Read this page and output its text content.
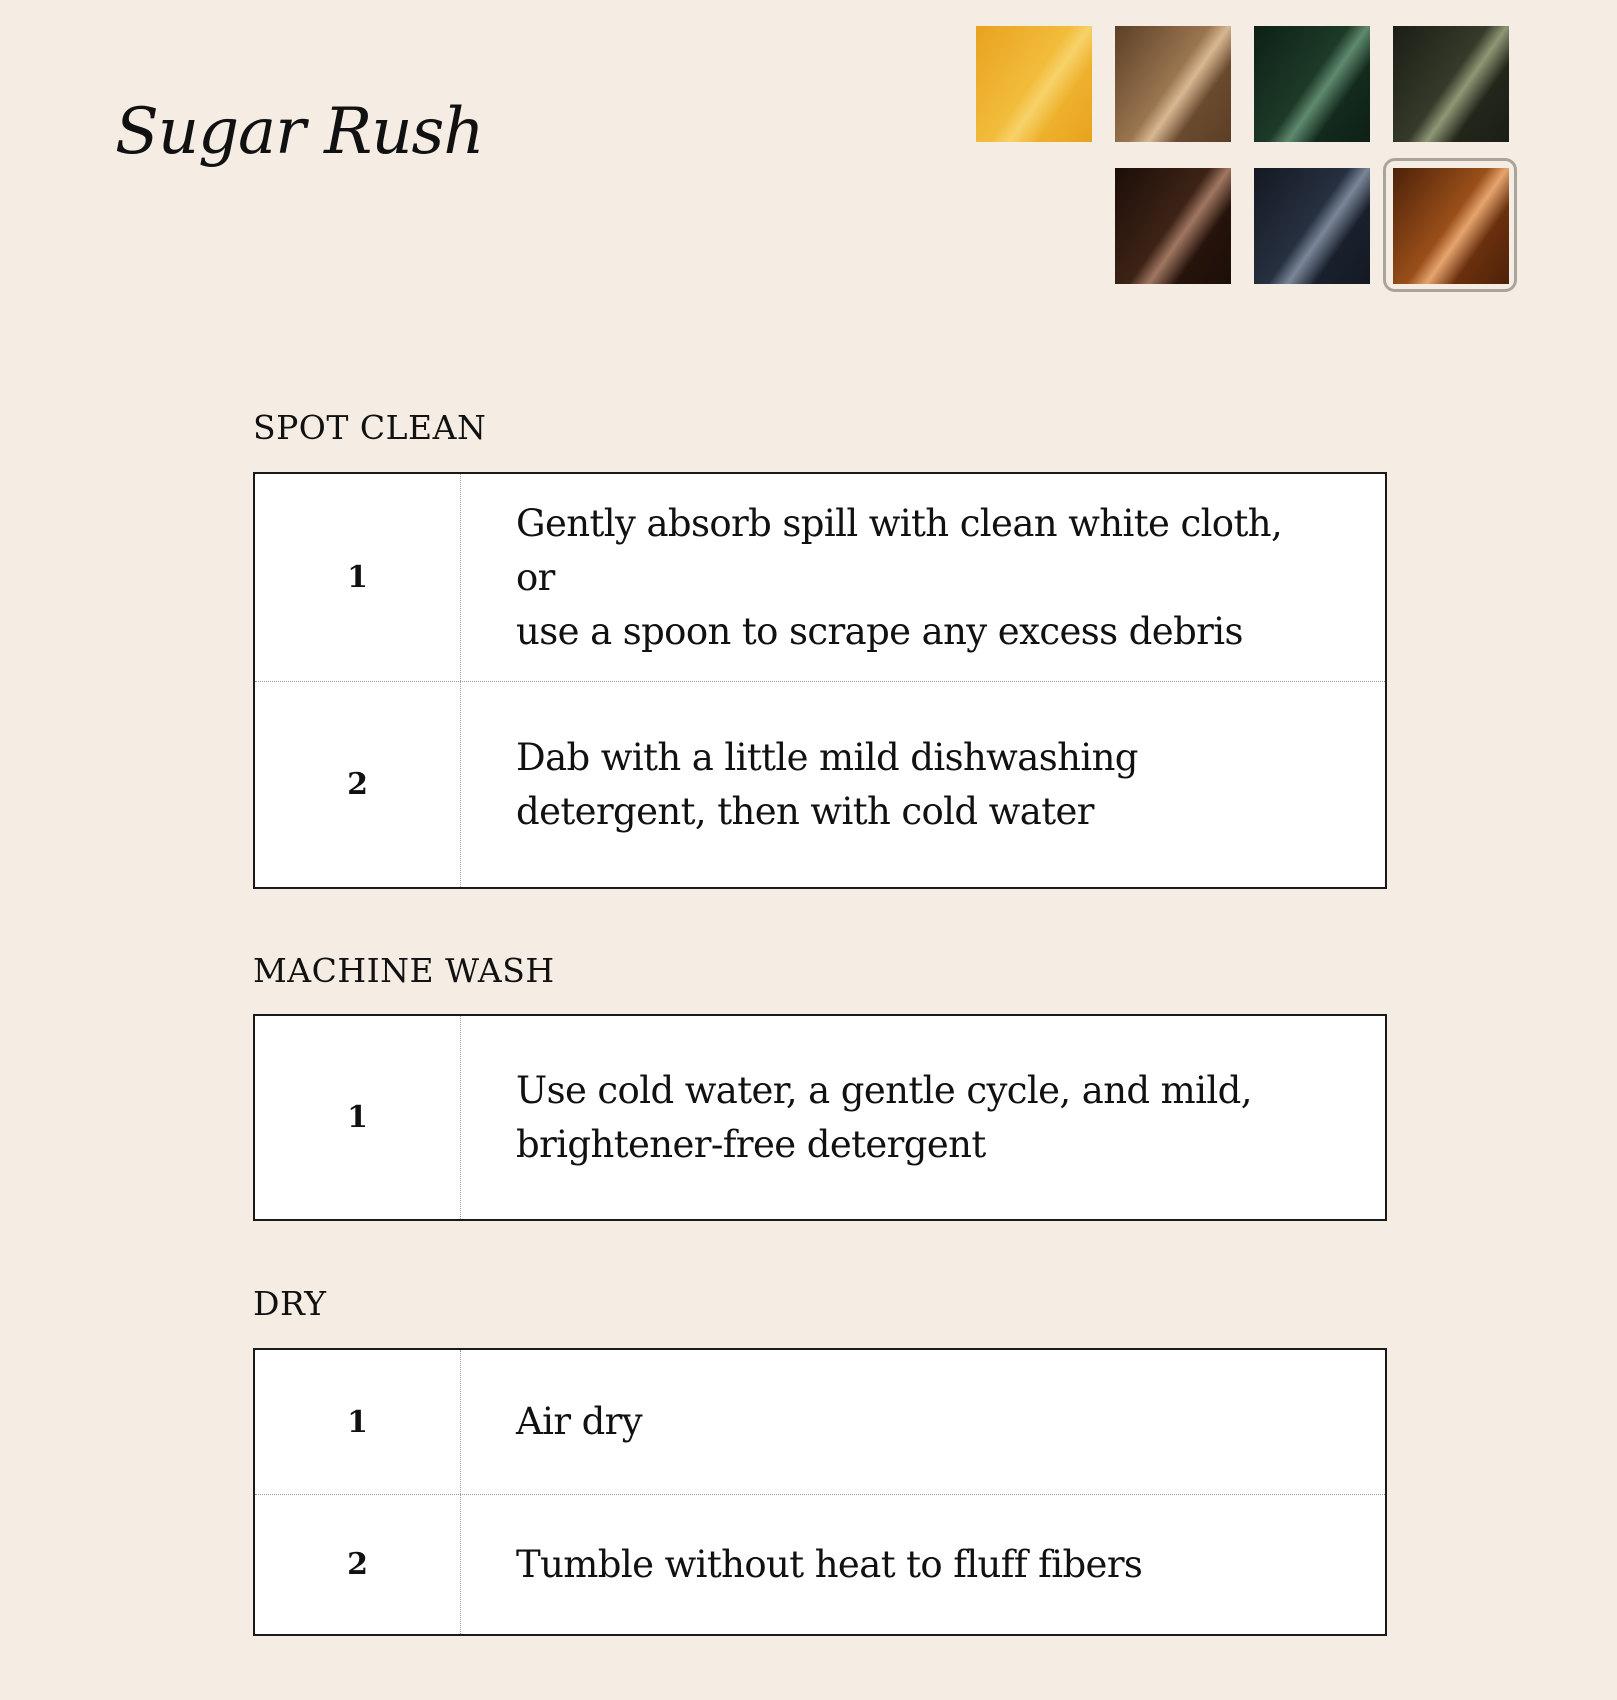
Sugar Rush
SPOT CLEAN
1
Gently absorb spill with clean white cloth, or
use a spoon to scrape any excess debris
2
Dab with a little mild dishwashing
detergent, then with cold water
MACHINE WASH
1
Use cold water, a gentle cycle, and mild,
brightener-free detergent
DRY
1	Air dry
2	Tumble without heat to fluff fibers
